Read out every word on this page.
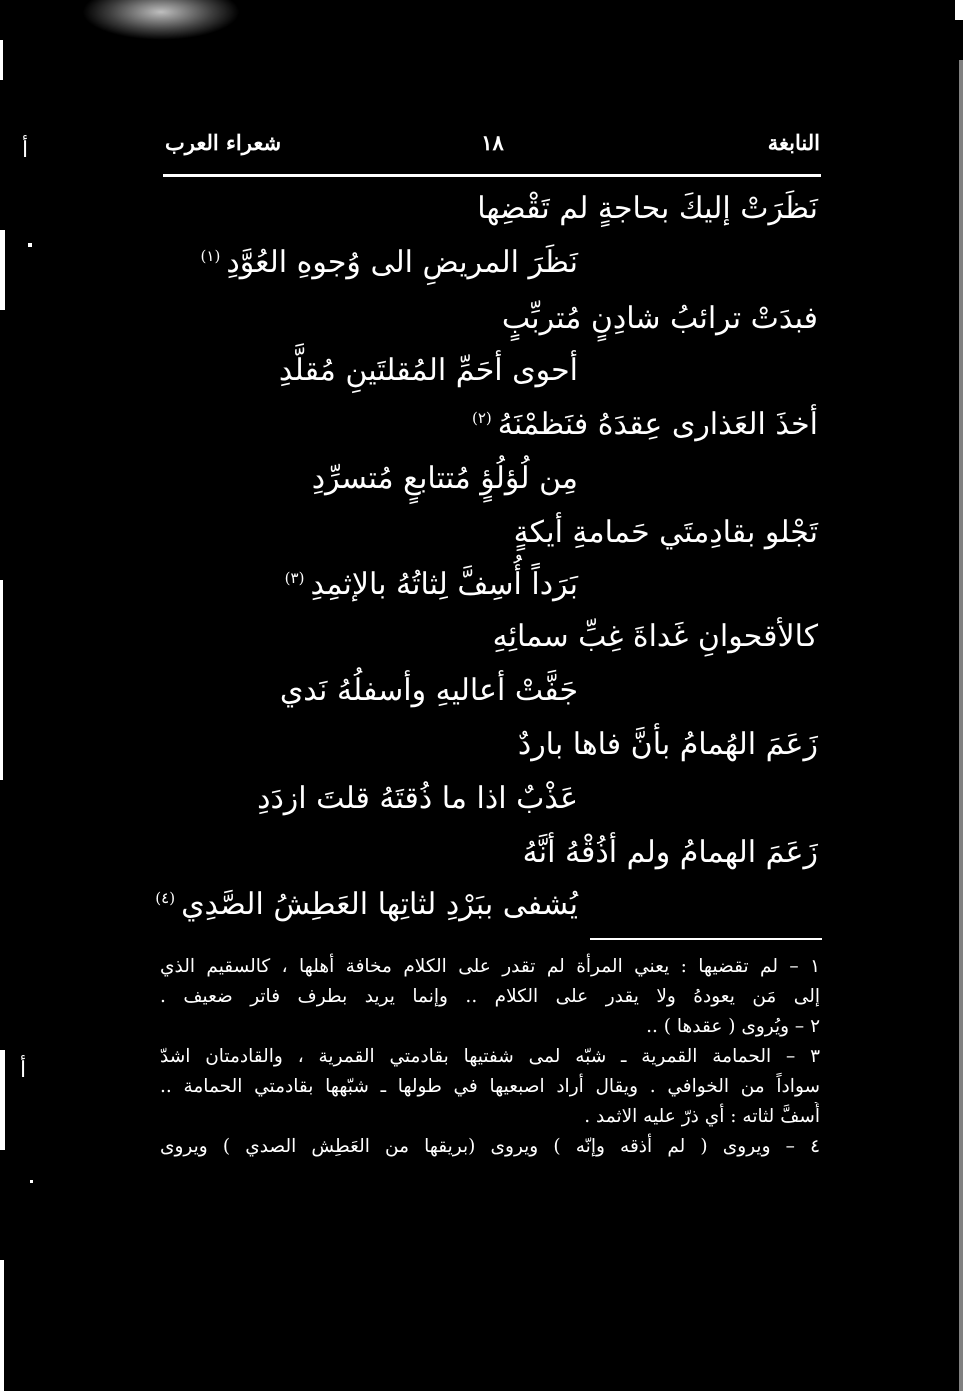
أ
أ
النابغة
١٨
شعراء العرب
نَظَرَتْ إليكَ بحاجةٍ لم تَقْضِها
نَظَرَ المريضِ الى وُجوهِ العُوَّدِ$^{(١)}$
فبدَتْ ترائبُ شادِنٍ مُتربِّبٍ
أحوى أحَمِّ المُقلتَينِ مُقلَّدِ
أخذَ العَذارى عِقدَهُ فنَظمْنَهُ$^{(٢)}$
مِن لُؤلُؤٍ مُتتابعٍ مُتسرِّدِ
تَجْلو بقادِمتَي حَمامةِ أيكةٍ
بَرَداً أُسِفَّ لِثاتُهُ بالإثمِدِ$^{(٣)}$
كالأقحوانِ غَداةَ غِبِّ سمائِهِ
جَفَّتْ أعاليهِ وأسفلُهُ نَدي
زَعَمَ الهُمامُ بأنَّ فاها باردٌ
عَذْبٌ اذا ما ذُقتَهُ قلتَ ازدَدِ
زَعَمَ الهمامُ ولم أذُقْهُ أنَّهُ
يُشفى ببَرْدِ لثاتِها العَطِشُ الصَّدِي$^{(٤)}$
١ – لم تقضيها : يعني المرأة لم تقدر على الكلام مخافة أهلها ، كالسقيم الذي
إلى مَن يعودهُ ولا يقدر على الكلام .. وإنما يريد بطرف فاتر ضعيف .
٢ – ويُروى ( عقدها ) ..
٣ – الحمامة القمرية ـ شبّه لمى شفتيها بقادمتي القمرية ، والقادمتان اشدّ
سواداً من الخوافي . ويقال أراد اصبعيها في طولها ـ شبّهها بقادمتي الحمامة ..
أُسفَّ لثاته : أي ذرّ عليه الاثمد .
٤ – ويروى ( لم أذقه وإنّه ) ويروى (بريقها من العَطِش الصدي ) ويروى
